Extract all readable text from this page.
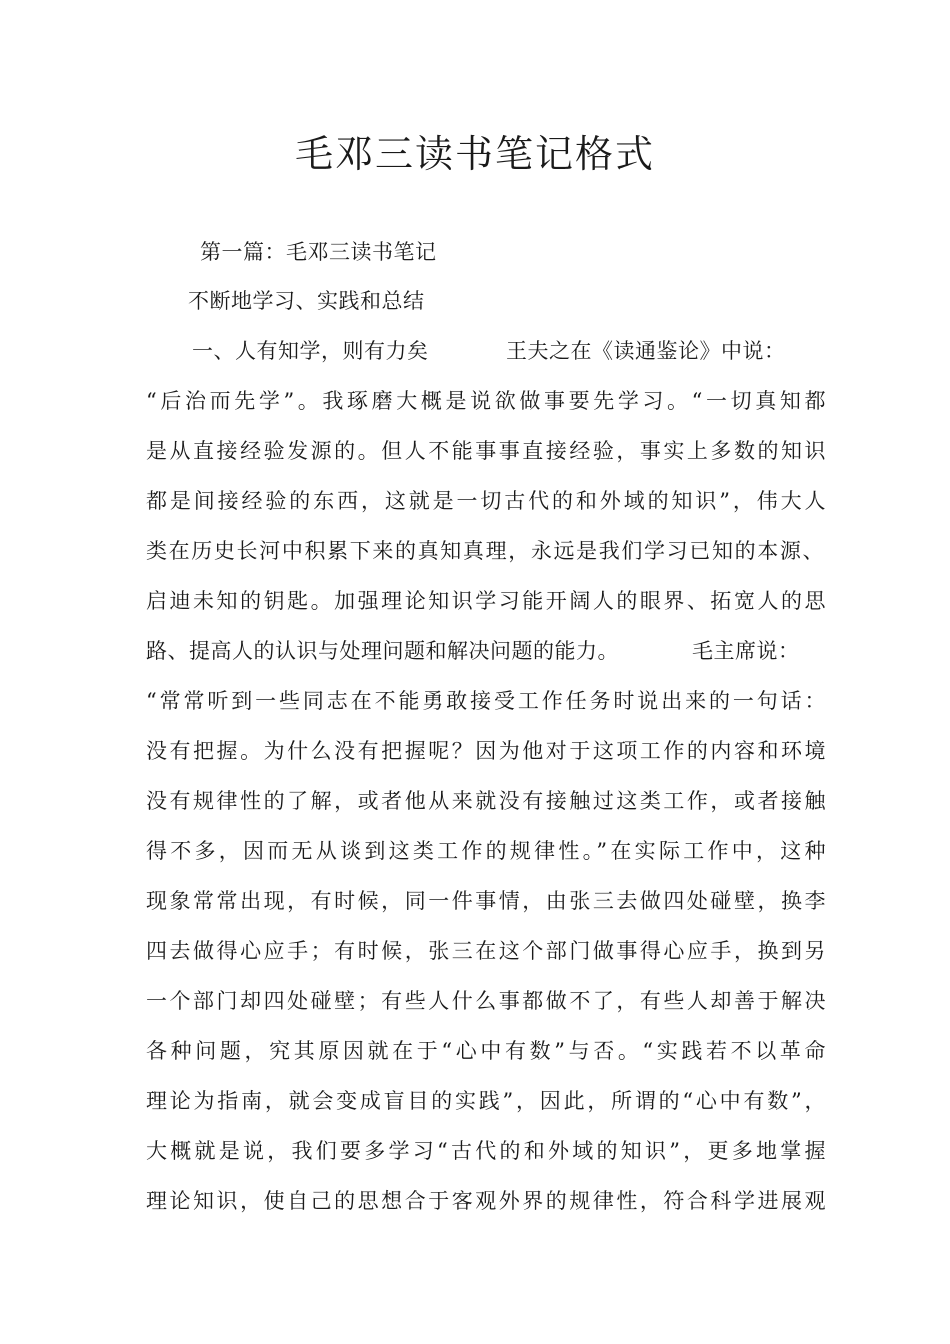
毛邓三读书笔记格式
第一篇：毛邓三读书笔记
不断地学习、实践和总结
一、人有知学，则有力矣	王夫之在《读通鉴论》中说：
“后治而先学”。我琢磨大概是说欲做事要先学习。“一切真知都
是从直接经验发源的。但人不能事事直接经验，事实上多数的知识
都是间接经验的东西，这就是一切古代的和外域的知识”，伟大人
类在历史长河中积累下来的真知真理，永远是我们学习已知的本源、
启迪未知的钥匙。加强理论知识学习能开阔人的眼界、拓宽人的思
路、提高人的认识与处理问题和解决问题的能力。	毛主席说：
“常常听到一些同志在不能勇敢接受工作任务时说出来的一句话：
没有把握。为什么没有把握呢？因为他对于这项工作的内容和环境
没有规律性的了解，或者他从来就没有接触过这类工作，或者接触
得不多，因而无从谈到这类工作的规律性。”在实际工作中，这种
现象常常出现，有时候，同一件事情，由张三去做四处碰壁，换李
四去做得心应手；有时候，张三在这个部门做事得心应手，换到另
一个部门却四处碰壁；有些人什么事都做不了，有些人却善于解决
各种问题，究其原因就在于“心中有数”与否。“实践若不以革命
理论为指南，就会变成盲目的实践”，因此，所谓的“心中有数”，
大概就是说，我们要多学习“古代的和外域的知识”，更多地掌握
理论知识，使自己的思想合于客观外界的规律性，符合科学进展观
